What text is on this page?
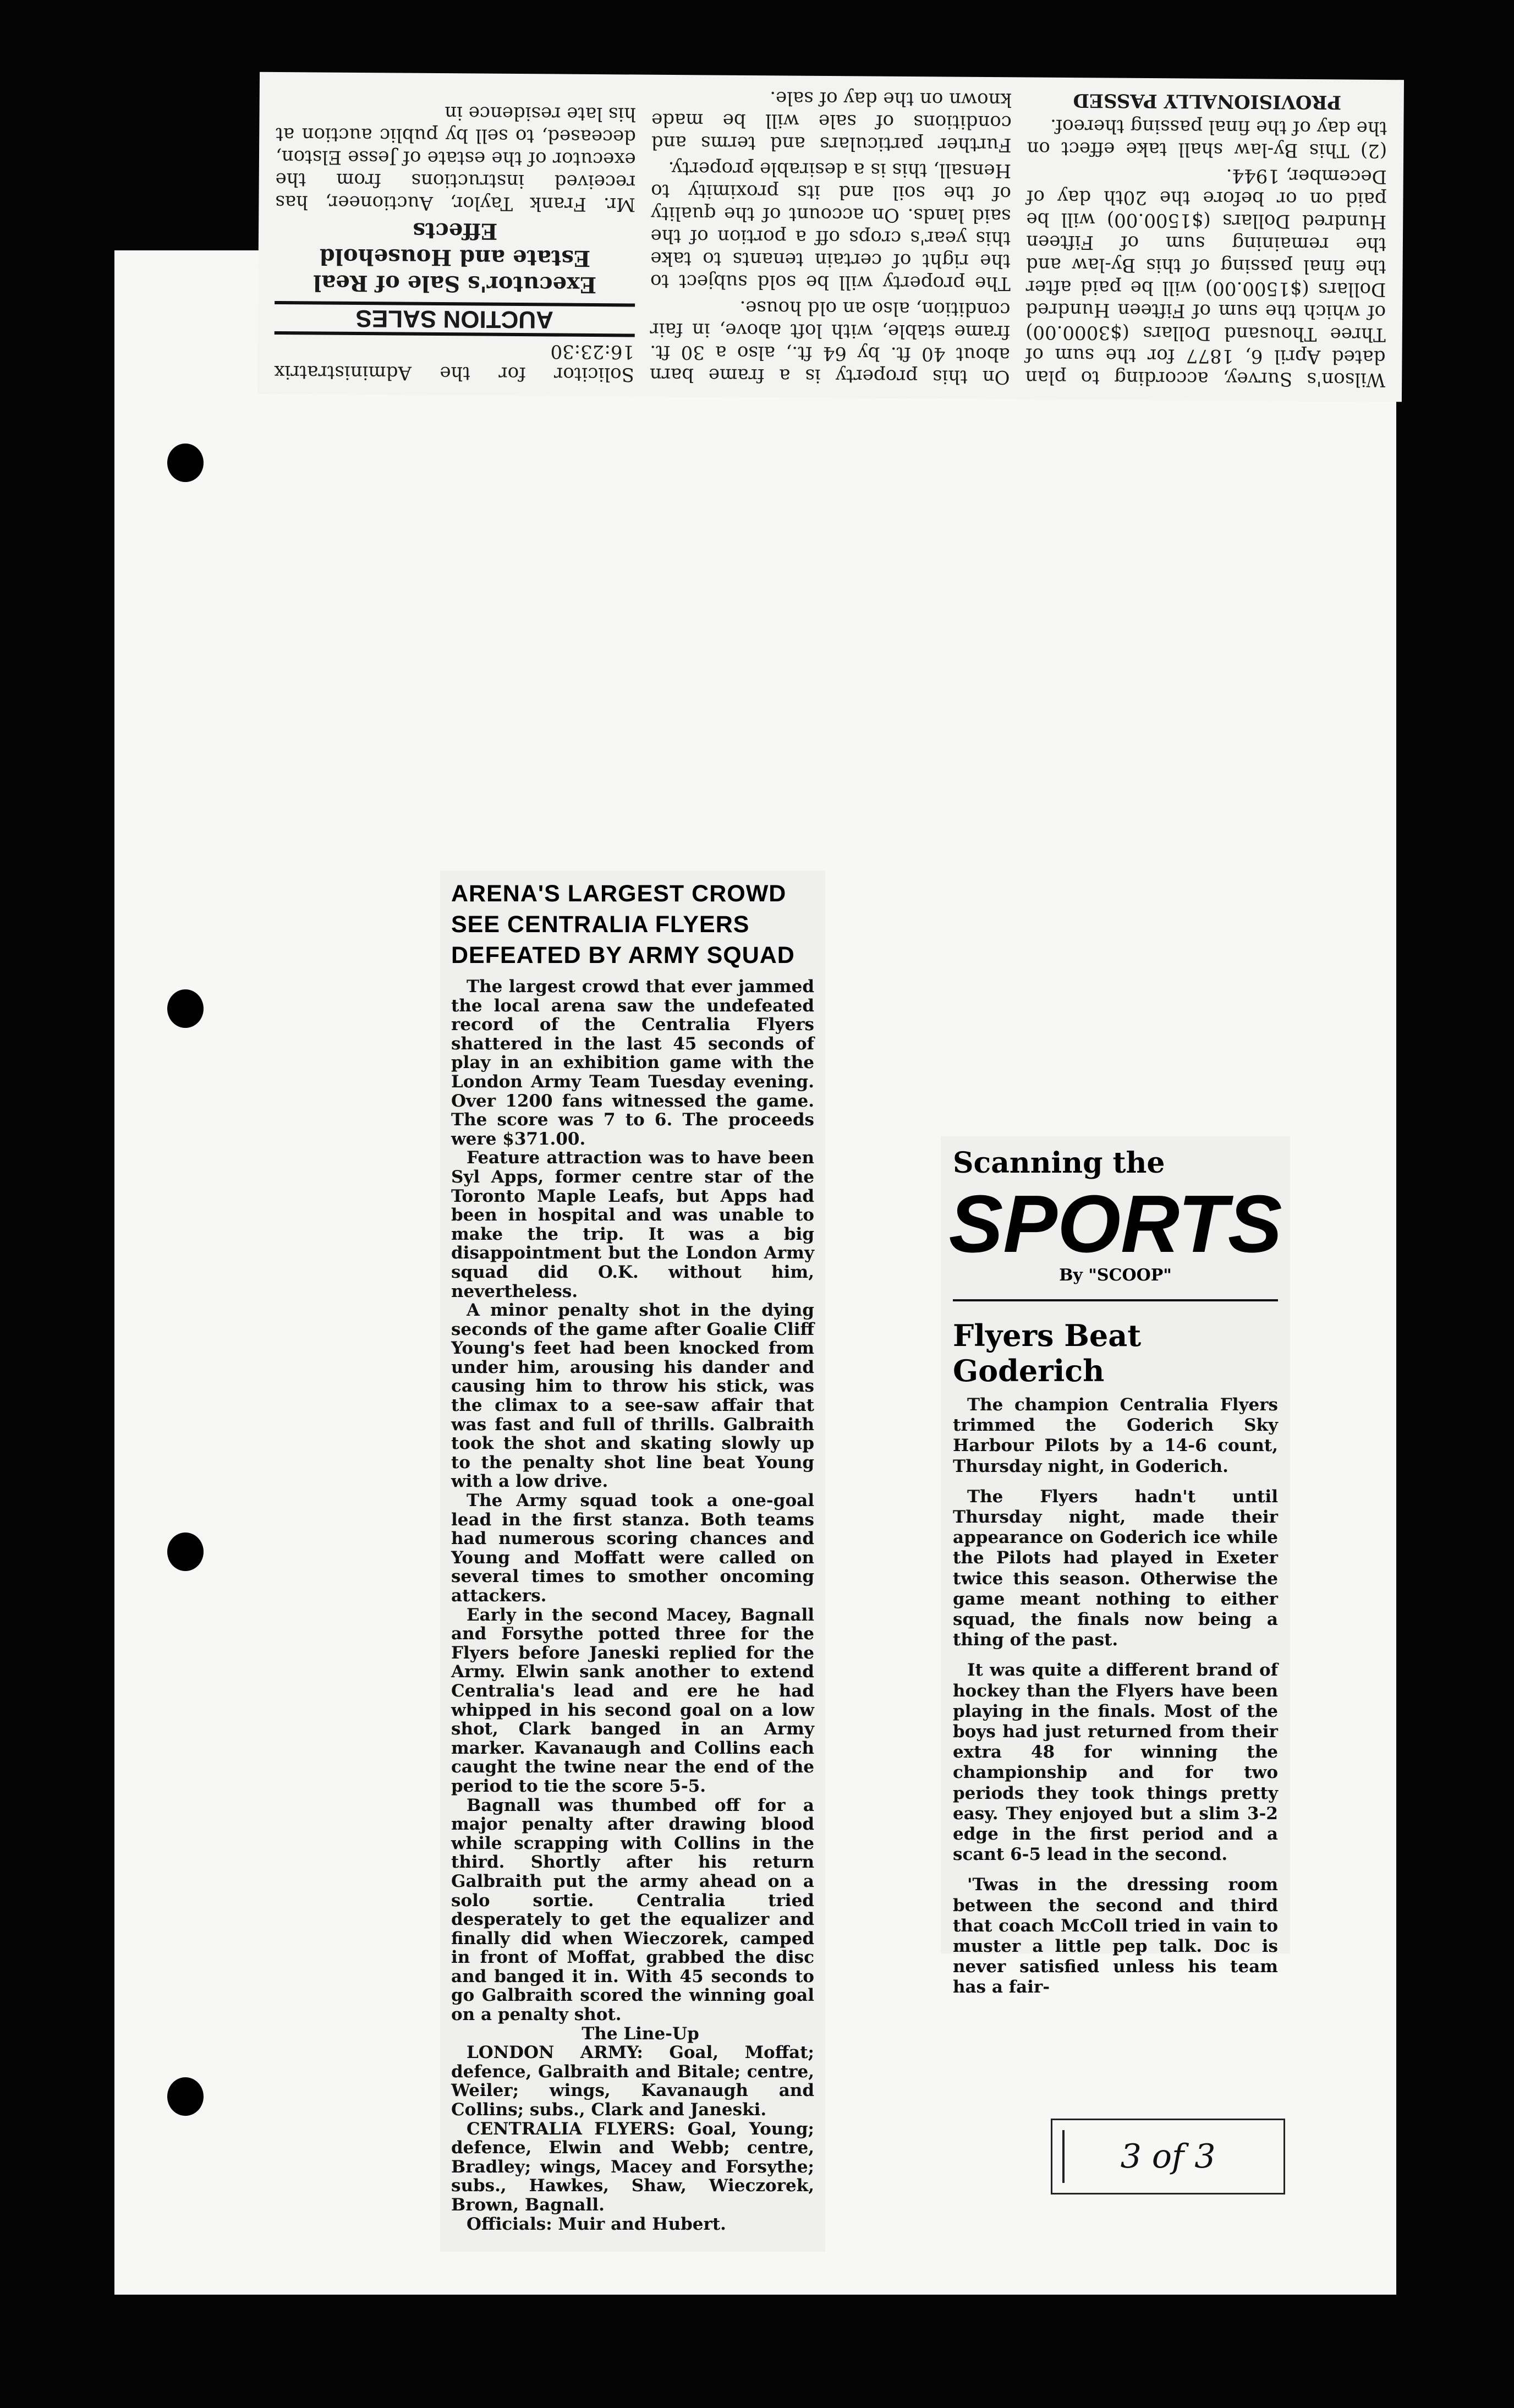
Wilson's Survey, according to plan dated April 6, 1877 for the sum of Three Thousand Dollars ($3000.00) of which the sum of Fifteen Hundred Dollars ($1500.00) will be paid after the final passing of this By-law and the remaining sum of Fifteen Hundred Dollars ($1500.00) will be paid on or before the 20th day of December, 1944.

(2) This By-law shall take effect on the day of the final passing thereof.

PROVISIONALLY PASSED

On this property is a frame barn about 40 ft. by 64 ft., also a 30 ft. frame stable, with loft above, in fair condition, also an old house.

The property will be sold subject to the right of certain tenants to take this year's crops off a portion of the said lands. On account of the quality of the soil and its proximity to Hensall, this is a desirable property.

Further particulars and terms and conditions of sale will be made known on the day of sale.

Solicitor for the Administratrix 16:23:30

AUCTION SALES
Executor's Sale of Real Estate and Household Effects

Mr. Frank Taylor, Auctioneer, has received instructions from the executor of the estate of Jesse Elston, deceased, to sell by public auction at his late residence in

ARENA'S LARGEST CROWD SEE CENTRALIA FLYERS DEFEATED BY ARMY SQUAD

The largest crowd that ever jammed the local arena saw the undefeated record of the Centralia Flyers shattered in the last 45 seconds of play in an exhibition game with the London Army Team Tuesday evening. Over 1200 fans witnessed the game. The score was 7 to 6. The proceeds were $371.00.

Feature attraction was to have been Syl Apps, former centre star of the Toronto Maple Leafs, but Apps had been in hospital and was unable to make the trip. It was a big disappointment but the London Army squad did O.K. without him, nevertheless.

A minor penalty shot in the dying seconds of the game after Goalie Cliff Young's feet had been knocked from under him, arousing his dander and causing him to throw his stick, was the climax to a see-saw affair that was fast and full of thrills. Galbraith took the shot and skating slowly up to the penalty shot line beat Young with a low drive.

The Army squad took a one-goal lead in the first stanza. Both teams had numerous scoring chances and Young and Moffatt were called on several times to smother oncoming attackers.

Early in the second Macey, Bagnall and Forsythe potted three for the Flyers before Janeski replied for the Army. Elwin sank another to extend Centralia's lead and ere he had whipped in his second goal on a low shot, Clark banged in an Army marker. Kavanaugh and Collins each caught the twine near the end of the period to tie the score 5-5.

Bagnall was thumbed off for a major penalty after drawing blood while scrapping with Collins in the third. Shortly after his return Galbraith put the army ahead on a solo sortie. Centralia tried desperately to get the equalizer and finally did when Wieczorek, camped in front of Moffat, grabbed the disc and banged it in. With 45 seconds to go Galbraith scored the winning goal on a penalty shot.

The Line-Up

LONDON ARMY: Goal, Moffat; defence, Galbraith and Bitale; centre, Weiler; wings, Kavanaugh and Collins; subs., Clark and Janeski.

CENTRALIA FLYERS: Goal, Young; defence, Elwin and Webb; centre, Bradley; wings, Macey and Forsythe; subs., Hawkes, Shaw, Wieczorek, Brown, Bagnall.

Officials: Muir and Hubert.

Scanning the

SPORTS
By "SCOOP"
Flyers Beat Goderich

The champion Centralia Flyers trimmed the Goderich Sky Harbour Pilots by a 14-6 count, Thursday night, in Goderich.

The Flyers hadn't until Thursday night, made their appearance on Goderich ice while the Pilots had played in Exeter twice this season. Otherwise the game meant nothing to either squad, the finals now being a thing of the past.

It was quite a different brand of hockey than the Flyers have been playing in the finals. Most of the boys had just returned from their extra 48 for winning the championship and for two periods they took things pretty easy. They enjoyed but a slim 3-2 edge in the first period and a scant 6-5 lead in the second.

'Twas in the dressing room between the second and third that coach McColl tried in vain to muster a little pep talk. Doc is never satisfied unless his team has a fair-

3 of 3
